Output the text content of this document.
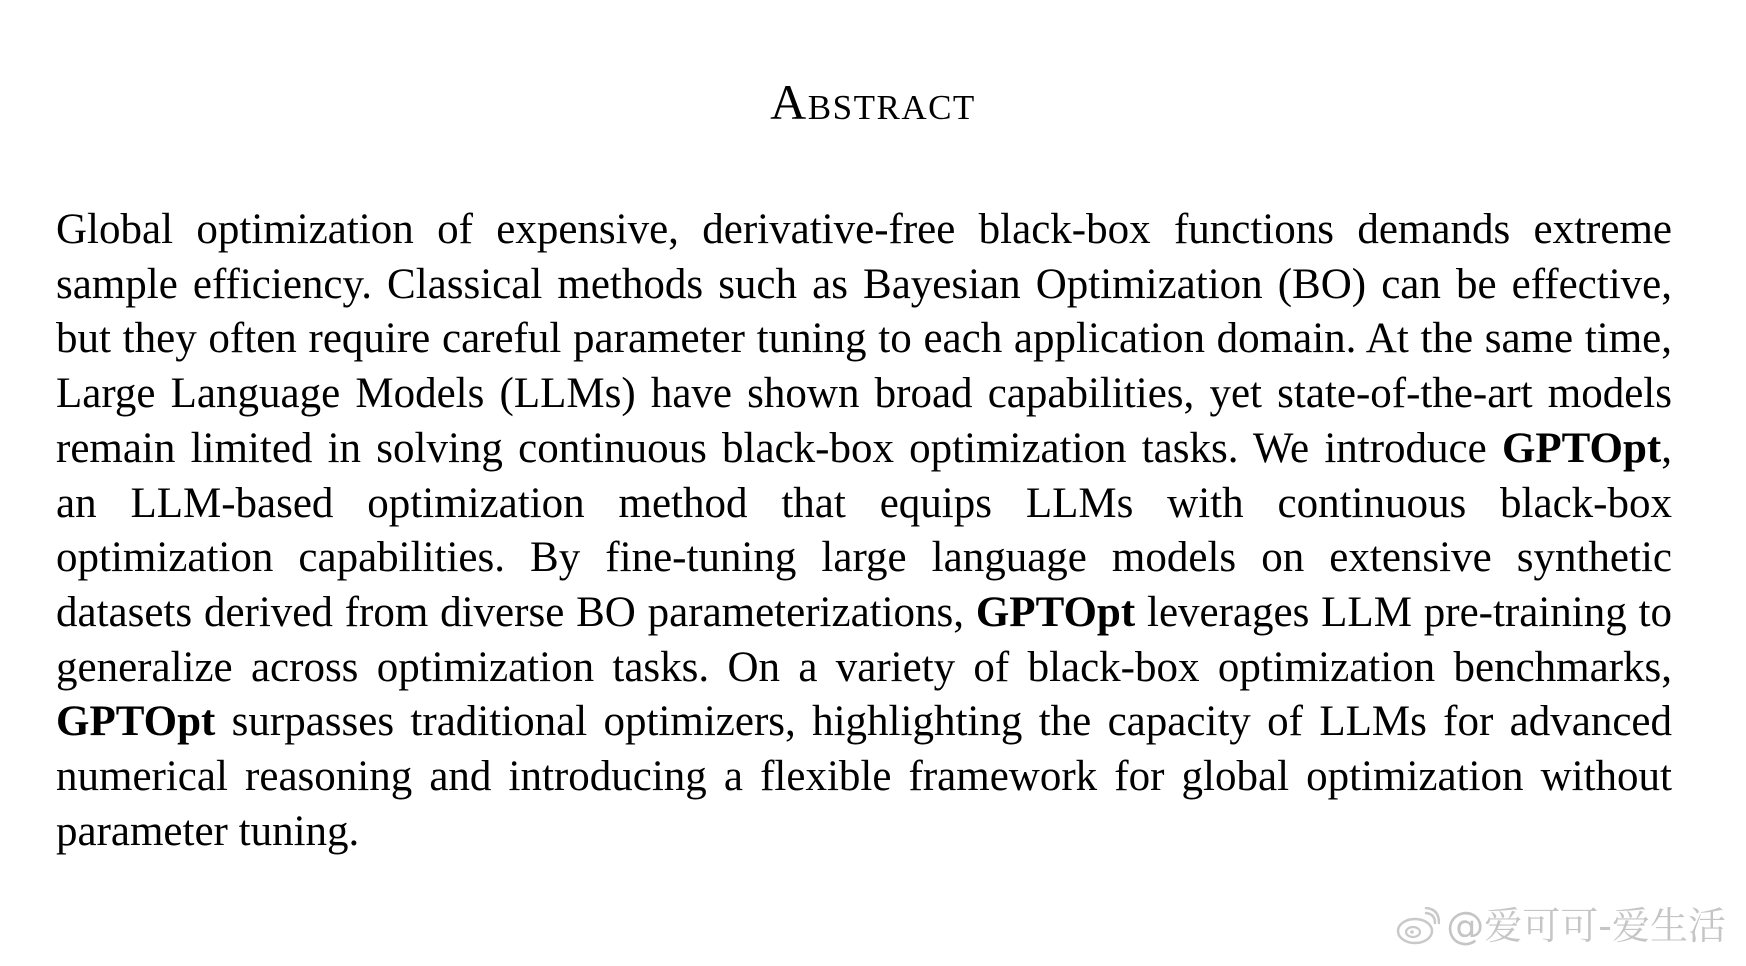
Abstract

Global optimization of expensive, derivative-free black-box functions demands extreme sample efficiency. Classical methods such as Bayesian Optimization (BO) can be effective, but they often require careful parameter tuning to each application domain. At the same time, Large Language Models (LLMs) have shown broad capabilities, yet state-of-the-art models remain limited in solving continuous black-box optimization tasks. We introduce GPTOpt, an LLM-based optimization method that equips LLMs with continuous black-box optimization capabilities. By fine-tuning large language models on extensive synthetic datasets derived from diverse BO parameterizations, GPTOpt leverages LLM pre-training to generalize across optimization tasks. On a variety of black-box optimization benchmarks, GPTOpt surpasses traditional optimizers, highlighting the capacity of LLMs for advanced numerical reasoning and introducing a flexible framework for global optimization without parameter tuning.

@爱可可-爱生活
